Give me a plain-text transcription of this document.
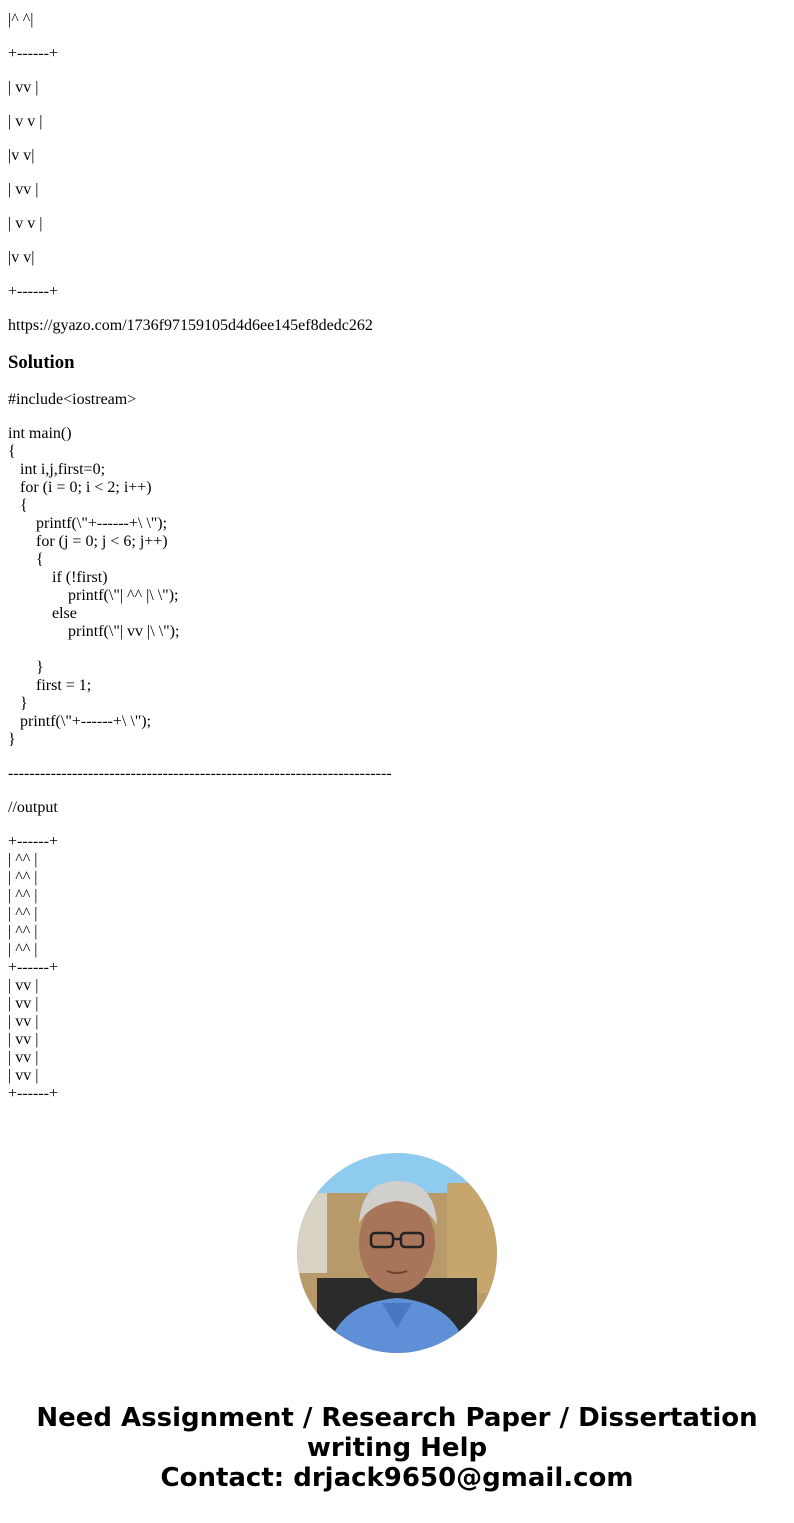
|^ ^|

+------+

| vv |

| v v |

|v v|

| vv |

| v v |

|v v|

+------+

https://gyazo.com/1736f97159105d4d6ee145ef8dedc262

Solution

#include<iostream>

int main()
{
int i,j,first=0;
for (i = 0; i < 2; i++)
{
printf(\"+------+\ \");
for (j = 0; j < 6; j++)
{
if (!first)
printf(\"| ^^ |\ \");
else
printf(\"| vv |\ \");
}
first = 1;
}
printf(\"+------+\ \");
}

------------------------------------------------------------------------

//output

+------+
| ^^ |
| ^^ |
| ^^ |
| ^^ |
| ^^ |
| ^^ |
+------+
| vv |
| vv |
| vv |
| vv |
| vv |
| vv |
+------+
Need Assignment / Research Paper / Dissertation
writing Help
Contact: drjack9650@gmail.com
